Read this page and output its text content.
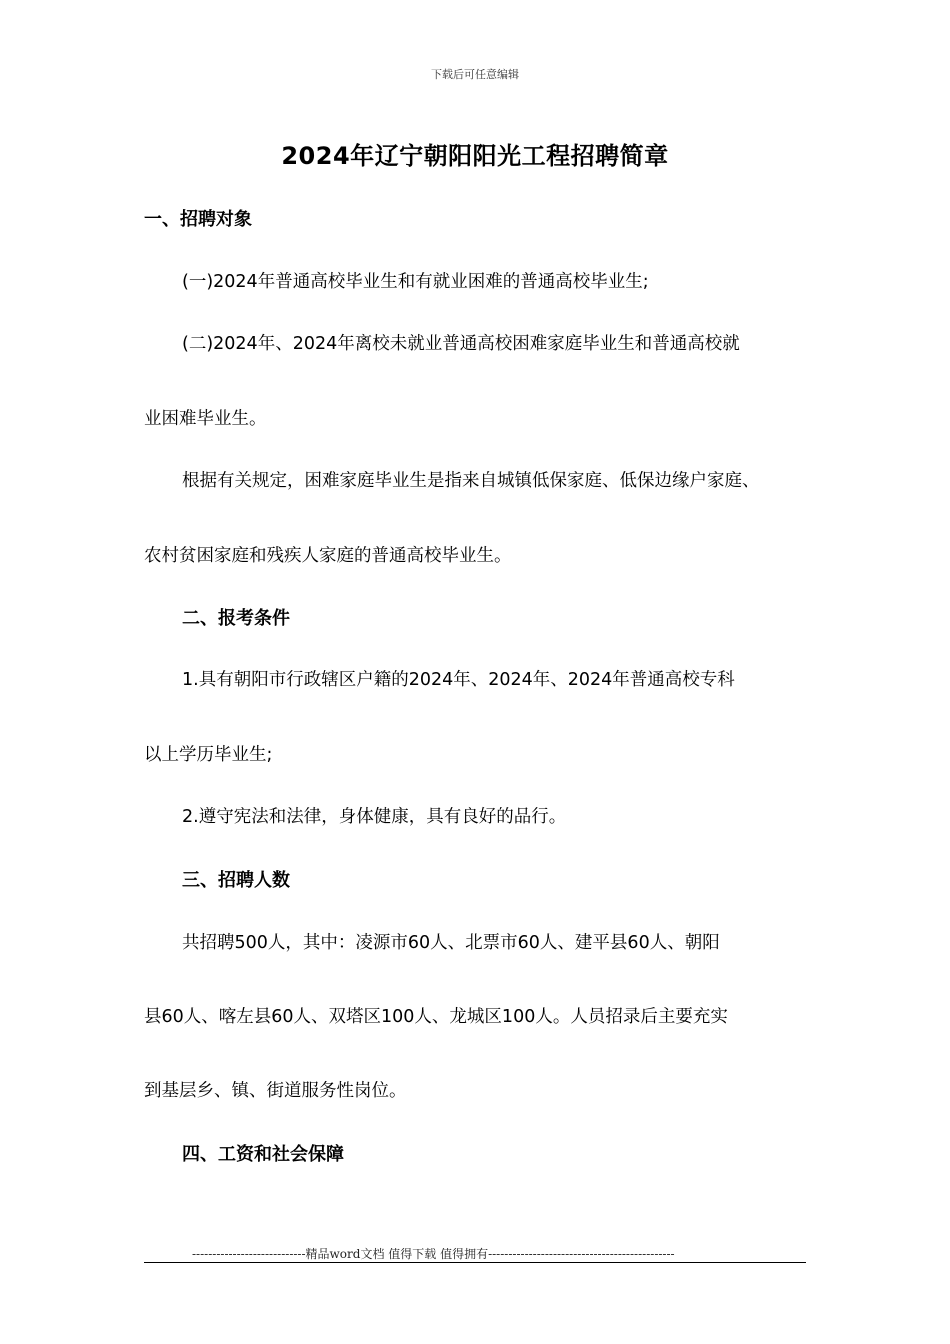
下载后可任意编辑
2024年辽宁朝阳阳光工程招聘简章
一、招聘对象
(一)2024年普通高校毕业生和有就业困难的普通高校毕业生;
(二)2024年、2024年离校未就业普通高校困难家庭毕业生和普通高校就
业困难毕业生。
根据有关规定，困难家庭毕业生是指来自城镇低保家庭、低保边缘户家庭、
农村贫困家庭和残疾人家庭的普通高校毕业生。
二、报考条件
1.具有朝阳市行政辖区户籍的2024年、2024年、2024年普通高校专科
以上学历毕业生;
2.遵守宪法和法律，身体健康，具有良好的品行。
三、招聘人数
共招聘500人，其中：凌源市60人、北票市60人、建平县60人、朝阳
县60人、喀左县60人、双塔区100人、龙城区100人。人员招录后主要充实
到基层乡、镇、街道服务性岗位。
四、工资和社会保障
----------------------------精品word文档 值得下载 值得拥有----------------------------------------------
